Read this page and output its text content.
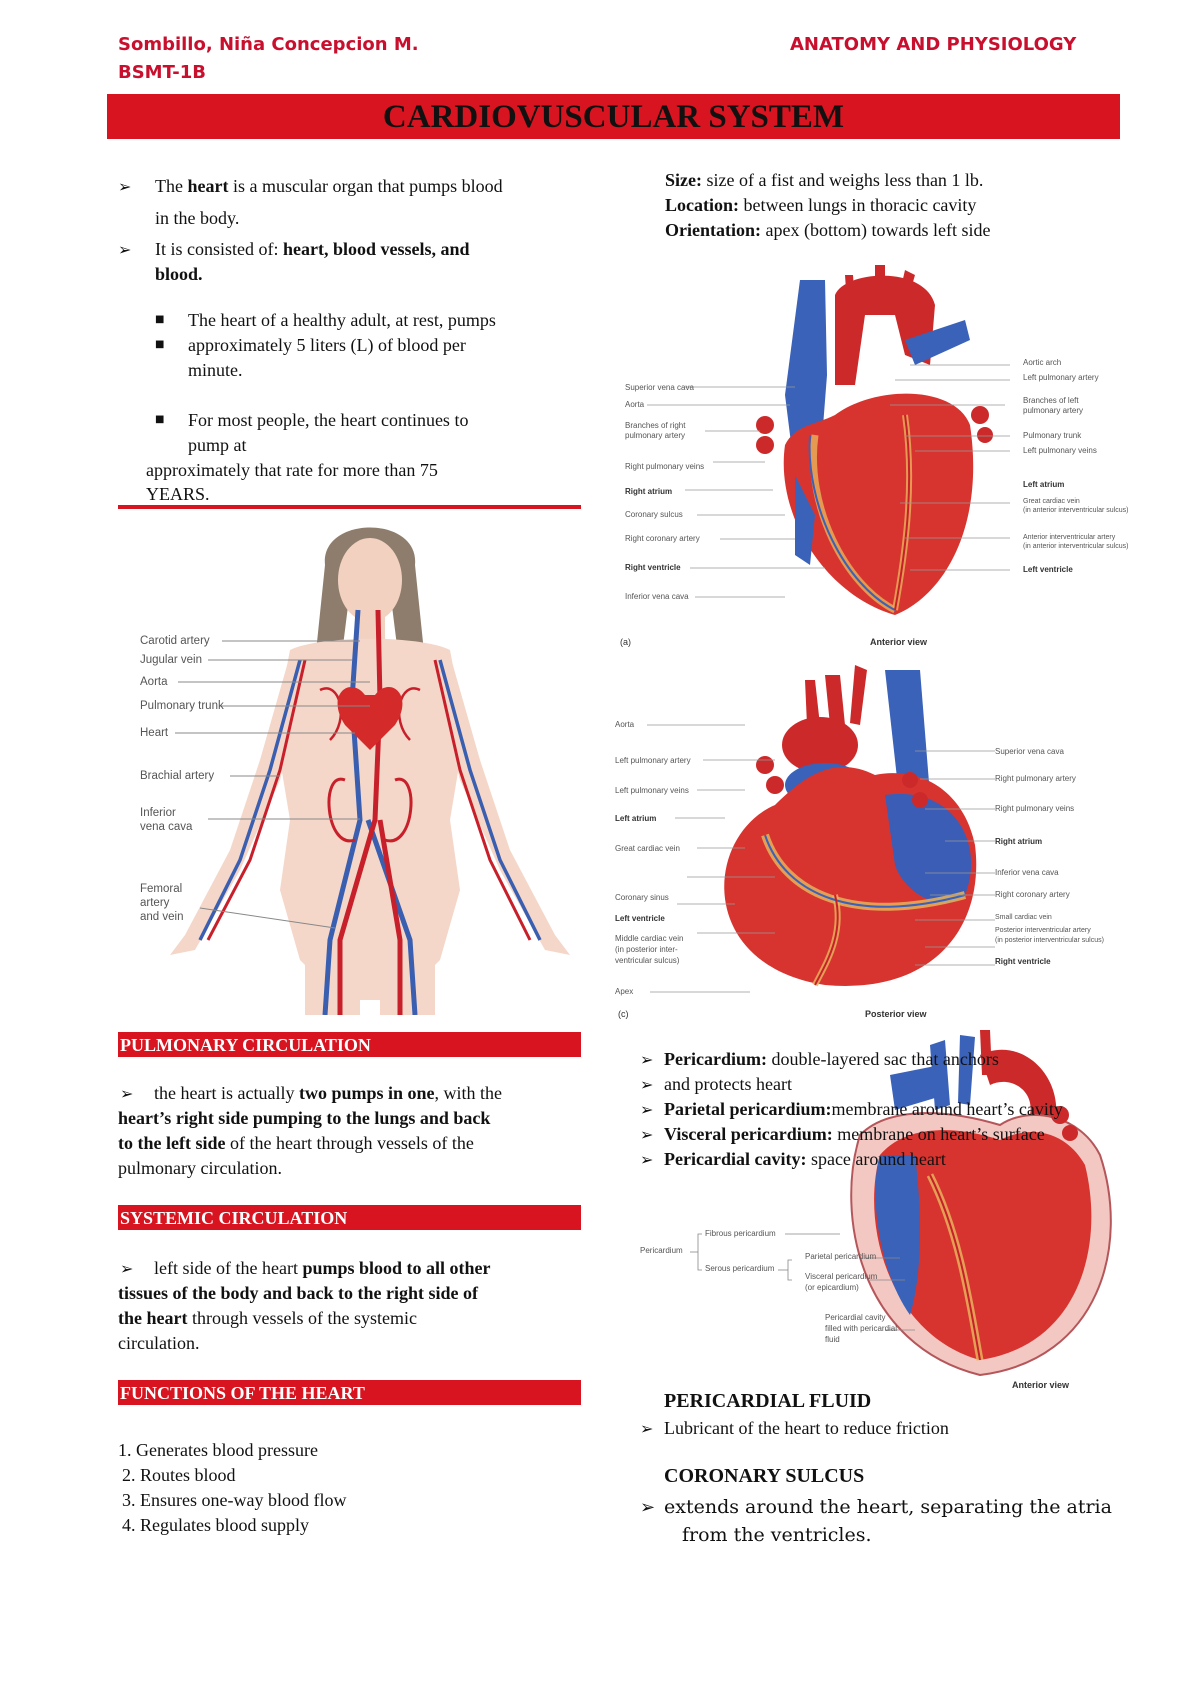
Sombillo, Niña Concepcion M.
BSMT-1B
ANATOMY AND PHYSIOLOGY
CARDIOVUSCULAR SYSTEM
➢ The heart is a muscular organ that pumps blood
in the body.
➢ It is consisted of: heart, blood vessels, and
blood.
■ The heart of a healthy adult, at rest, pumps
■ approximately 5 liters (L) of blood per
minute.
■ For most people, the heart continues to
pump at
approximately that rate for more than 75
YEARS.
Size: size of a fist and weighs less than 1 lb.
Location: between lungs in thoracic cavity
Orientation: apex (bottom) towards left side
Carotid artery
Jugular vein
Aorta
Pulmonary trunk
Heart
Brachial artery
Inferior
vena cava
Femoral
artery
and vein
Superior vena cava
Aorta
Branches of right
pulmonary artery
Right pulmonary veins
Right atrium
Coronary sulcus
Right coronary artery
Right ventricle
Inferior vena cava
Aortic arch
Left pulmonary artery
Branches of left
pulmonary artery
Pulmonary trunk
Left pulmonary veins
Left atrium
Great cardiac vein
(in anterior interventricular sulcus)
Anterior interventricular artery
(in anterior interventricular sulcus)
Left ventricle
Anterior view
(a)
Aorta
Left pulmonary artery
Left pulmonary veins
Left atrium
Great cardiac vein
Coronary sinus
Left ventricle
Middle cardiac vein
(in posterior inter-
ventricular sulcus)
Apex
Superior vena cava
Right pulmonary artery
Right pulmonary veins
Right atrium
Inferior vena cava
Right coronary artery
Small cardiac vein
Posterior interventricular artery
(in posterior interventricular sulcus)
Right ventricle
Posterior view
(c)
PULMONARY CIRCULATION
➢ the heart is actually two pumps in one, with the
heart’s right side pumping to the lungs and back
to the left side of the heart through vessels of the
pulmonary circulation.
SYSTEMIC CIRCULATION
➢ left side of the heart pumps blood to all other
tissues of the body and back to the right side of
the heart through vessels of the systemic
circulation.
FUNCTIONS OF THE HEART
1. Generates blood pressure
2. Routes blood
3. Ensures one-way blood flow
4. Regulates blood supply
Pericardium
Fibrous pericardium
Serous pericardium
Parietal pericardium
Visceral pericardium
(or epicardium)
Pericardial cavity
filled with pericardial
fluid
Anterior view
➢ Pericardium: double-layered sac that anchors
➢ and protects heart
➢ Parietal pericardium:membrane around heart’s cavity
➢ Visceral pericardium: membrane on heart’s surface
➢ Pericardial cavity: space around heart
PERICARDIAL FLUID
➢ Lubricant of the heart to reduce friction
CORONARY SULCUS
➢ extends around the heart, separating the atria
from the ventricles.
